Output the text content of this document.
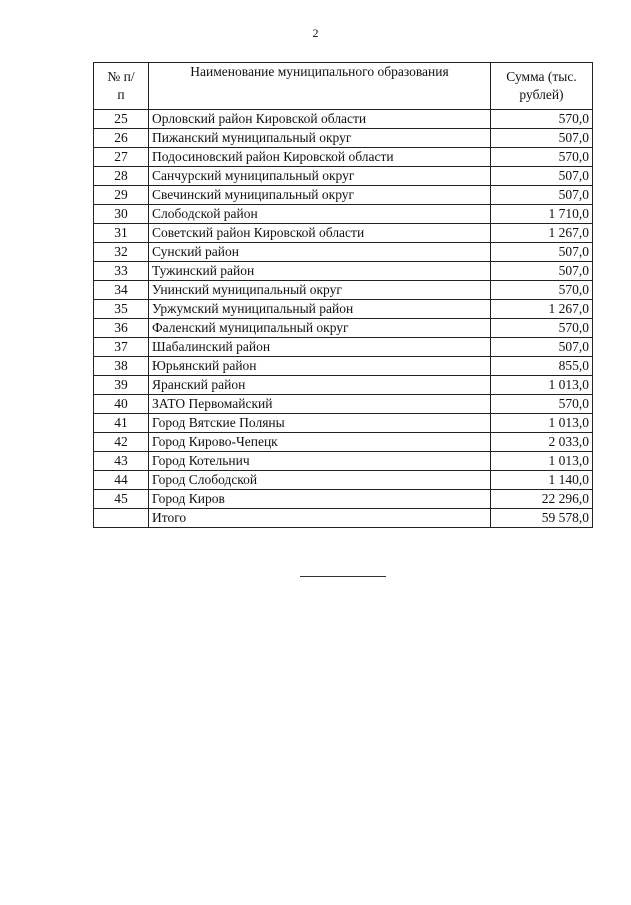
2
№ п/п	Наименование муниципального образования	Сумма (тыс. рублей)
25	Орловский район Кировской области	570,0
26	Пижанский муниципальный округ	507,0
27	Подосиновский район Кировской области	570,0
28	Санчурский муниципальный округ	507,0
29	Свечинский муниципальный округ	507,0
30	Слободской район	1 710,0
31	Советский район Кировской области	1 267,0
32	Сунский район	507,0
33	Тужинский район	507,0
34	Унинский муниципальный округ	570,0
35	Уржумский муниципальный район	1 267,0
36	Фаленский муниципальный округ	570,0
37	Шабалинский район	507,0
38	Юрьянский район	855,0
39	Яранский район	1 013,0
40	ЗАТО Первомайский	570,0
41	Город Вятские Поляны	1 013,0
42	Город Кирово-Чепецк	2 033,0
43	Город Котельнич	1 013,0
44	Город Слободской	1 140,0
45	Город Киров	22 296,0
	Итого	59 578,0
